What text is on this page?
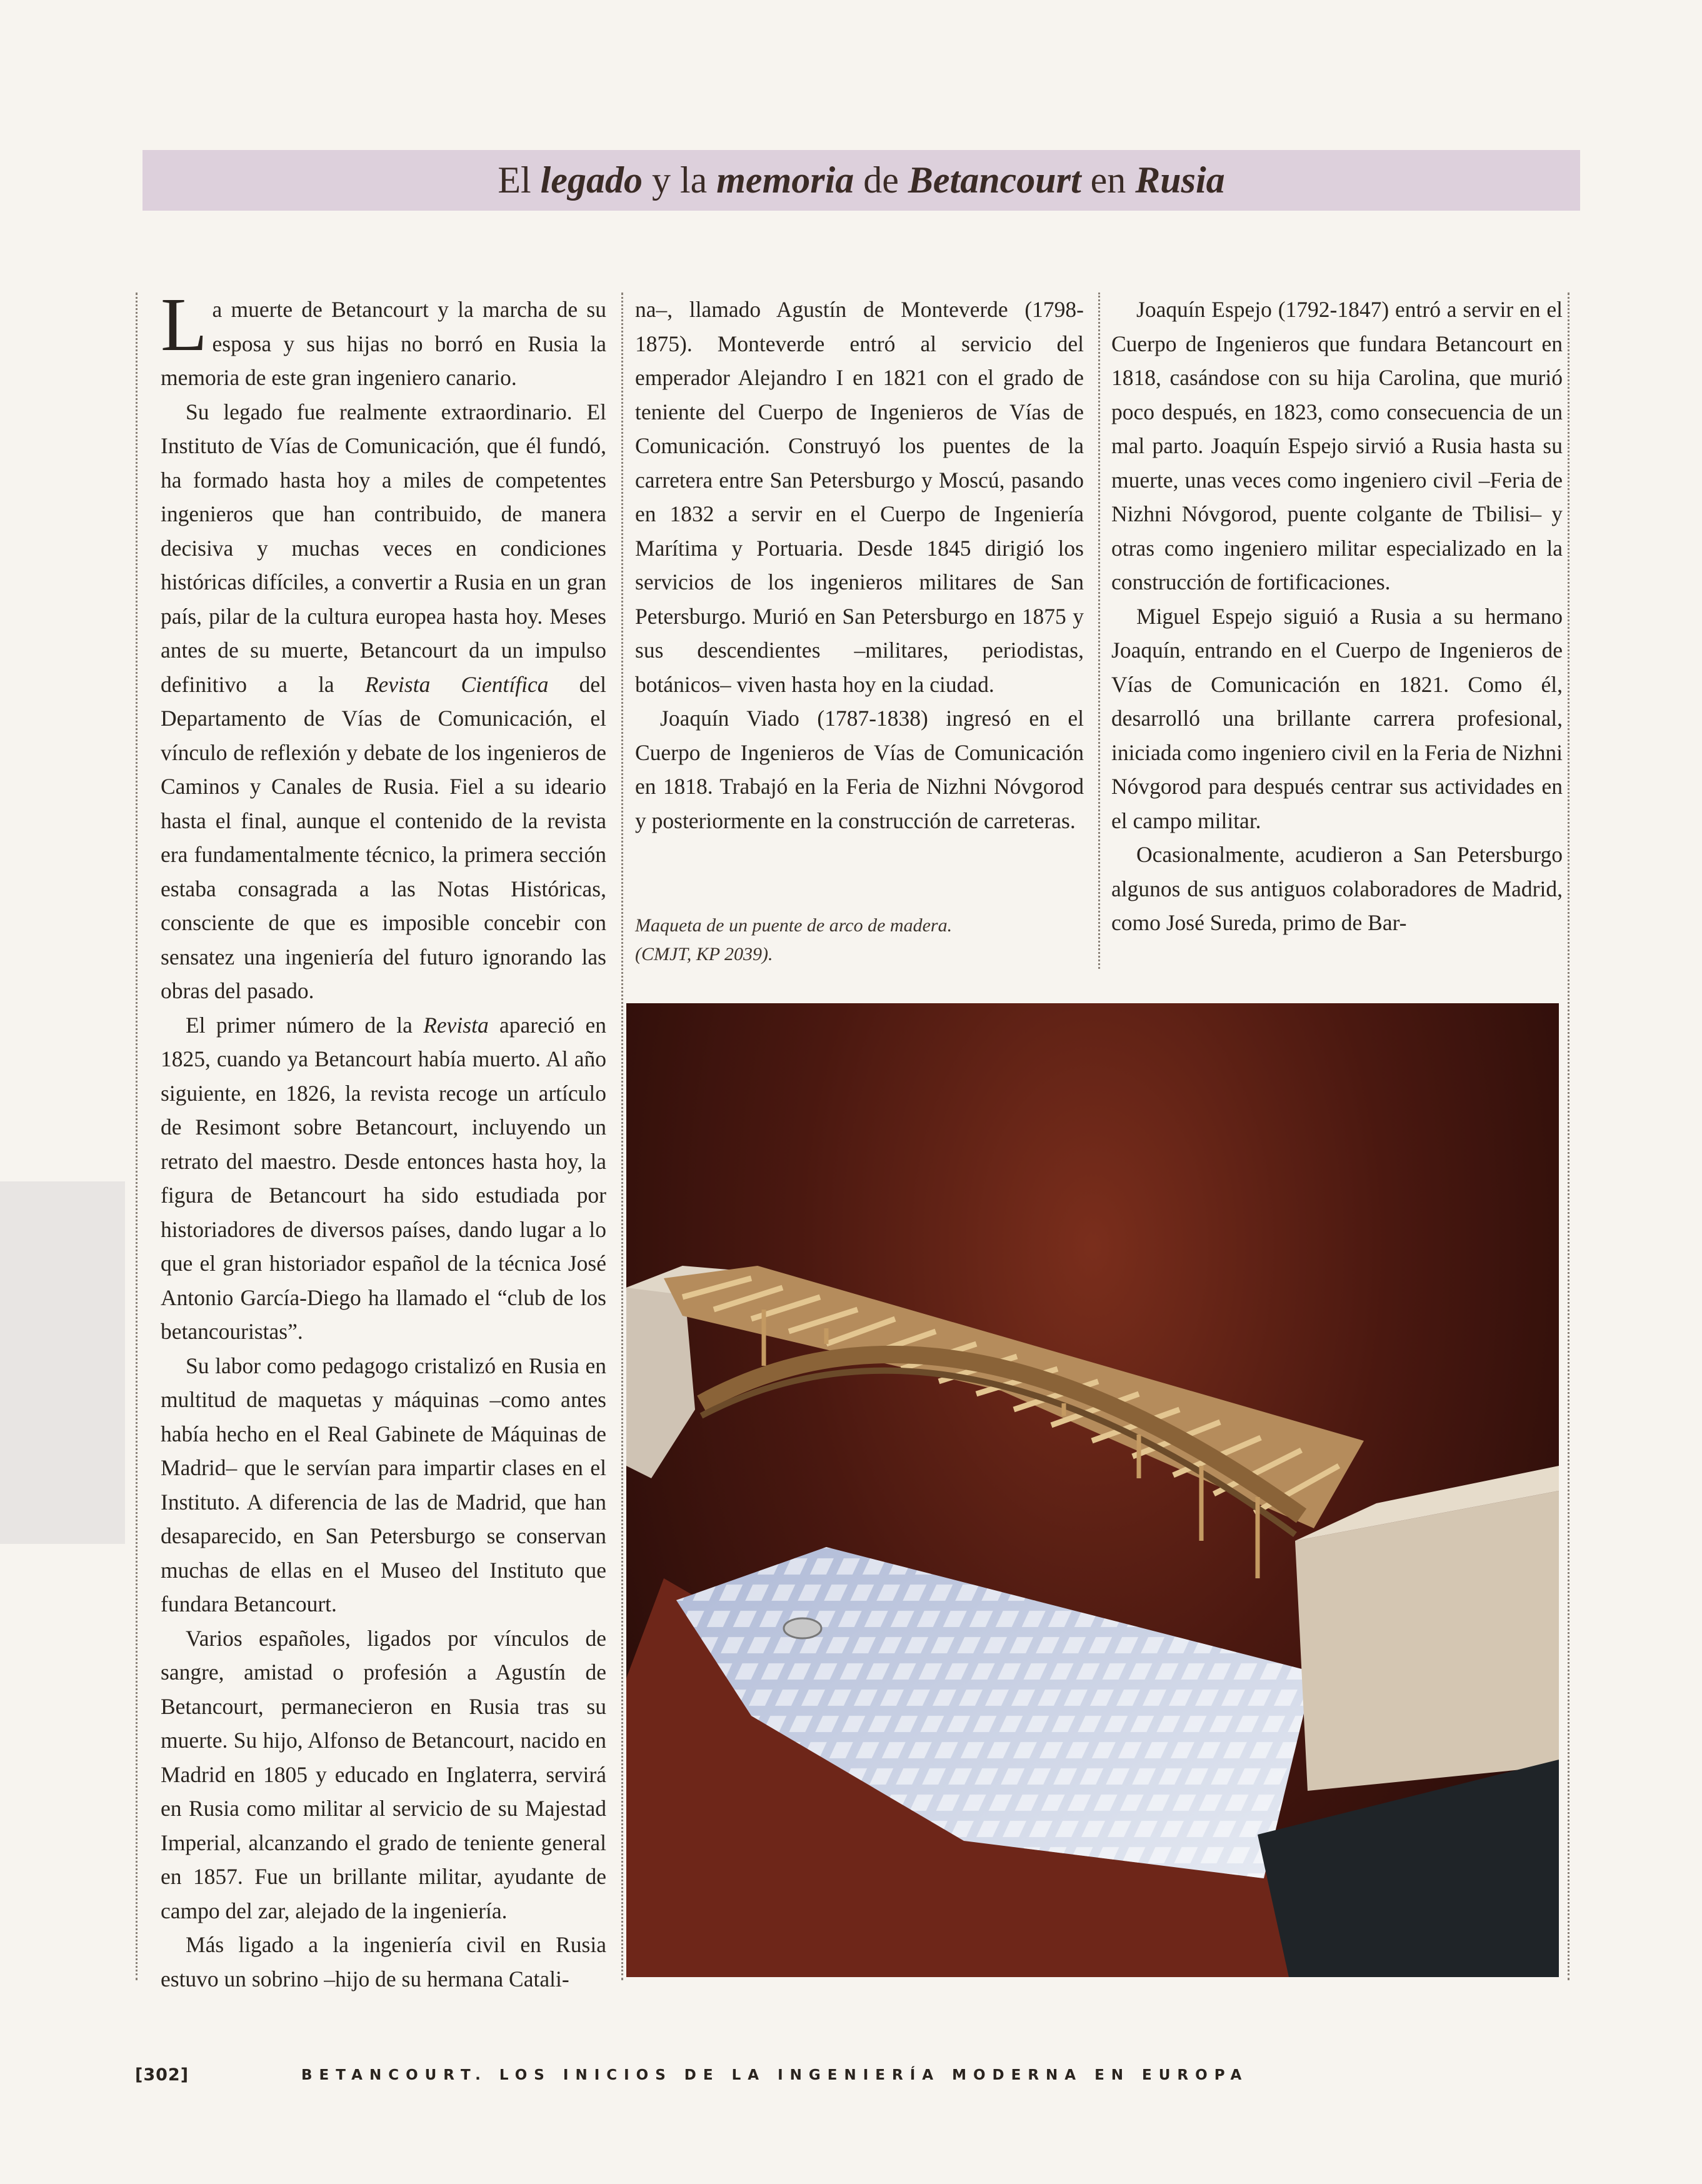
El legado y la memoria de Betancourt en Rusia

La muerte de Betancourt y la marcha de su esposa y sus hijas no borró en Rusia la memoria de este gran ingeniero canario.

Su legado fue realmente extraordinario. El Instituto de Vías de Comunicación, que él fundó, ha formado hasta hoy a miles de competentes ingenieros que han contribuido, de manera decisiva y muchas veces en condiciones históricas difíciles, a convertir a Rusia en un gran país, pilar de la cultura europea hasta hoy. Meses antes de su muerte, Betancourt da un impulso definitivo a la Revista Científica del Departamento de Vías de Comunicación, el vínculo de reflexión y debate de los ingenieros de Caminos y Canales de Rusia. Fiel a su ideario hasta el final, aunque el contenido de la revista era fundamentalmente técnico, la primera sección estaba consagrada a las Notas Históricas, consciente de que es imposible concebir con sensatez una ingeniería del futuro ignorando las obras del pasado.

El primer número de la Revista apareció en 1825, cuando ya Betancourt había muerto. Al año siguiente, en 1826, la revista recoge un artículo de Resimont sobre Betancourt, incluyendo un retrato del maestro. Desde entonces hasta hoy, la figura de Betancourt ha sido estudiada por historiadores de diversos países, dando lugar a lo que el gran historiador español de la técnica José Antonio García-Diego ha llamado el “club de los betancouristas”.

Su labor como pedagogo cristalizó en Rusia en multitud de maquetas y máquinas –como antes había hecho en el Real Gabinete de Máquinas de Madrid– que le servían para impartir clases en el Instituto. A diferencia de las de Madrid, que han desaparecido, en San Petersburgo se conservan muchas de ellas en el Museo del Instituto que fundara Betancourt.

Varios españoles, ligados por vínculos de sangre, amistad o profesión a Agustín de Betancourt, permanecieron en Rusia tras su muerte. Su hijo, Alfonso de Betancourt, nacido en Madrid en 1805 y educado en Inglaterra, servirá en Rusia como militar al servicio de su Majestad Imperial, alcanzando el grado de teniente general en 1857. Fue un brillante militar, ayudante de campo del zar, alejado de la ingeniería.

Más ligado a la ingeniería civil en Rusia estuvo un sobrino –hijo de su hermana Catali-

na–, llamado Agustín de Monteverde (1798-1875). Monteverde entró al servicio del emperador Alejandro I en 1821 con el grado de teniente del Cuerpo de Ingenieros de Vías de Comunicación. Construyó los puentes de la carretera entre San Petersburgo y Moscú, pasando en 1832 a servir en el Cuerpo de Ingeniería Marítima y Portuaria. Desde 1845 dirigió los servicios de los ingenieros militares de San Petersburgo. Murió en San Petersburgo en 1875 y sus descendientes –militares, periodistas, botánicos– viven hasta hoy en la ciudad.

Joaquín Viado (1787-1838) ingresó en el Cuerpo de Ingenieros de Vías de Comunicación en 1818. Trabajó en la Feria de Nizhni Nóvgorod y posteriormente en la construcción de carreteras.

Maqueta de un puente de arco de madera.
(CMJT, KP 2039).

Joaquín Espejo (1792-1847) entró a servir en el Cuerpo de Ingenieros que fundara Betancourt en 1818, casándose con su hija Carolina, que murió poco después, en 1823, como consecuencia de un mal parto. Joaquín Espejo sirvió a Rusia hasta su muerte, unas veces como ingeniero civil –Feria de Nizhni Nóvgorod, puente colgante de Tbilisi– y otras como ingeniero militar especializado en la construcción de fortificaciones.

Miguel Espejo siguió a Rusia a su hermano Joaquín, entrando en el Cuerpo de Ingenieros de Vías de Comunicación en 1821. Como él, desarrolló una brillante carrera profesional, iniciada como ingeniero civil en la Feria de Nizhni Nóvgorod para después centrar sus actividades en el campo militar.

Ocasionalmente, acudieron a San Petersburgo algunos de sus antiguos colaboradores de Madrid, como José Sureda, primo de Bar-

[302]	BETANCOURT. LOS INICIOS DE LA INGENIERÍA MODERNA EN EUROPA
